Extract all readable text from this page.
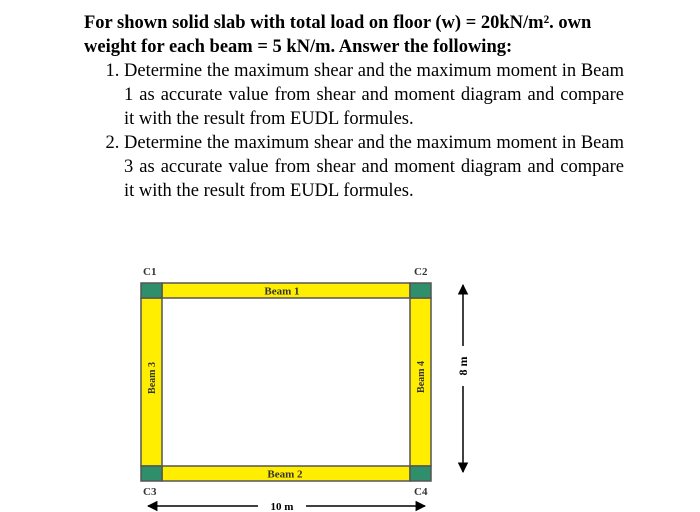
For shown solid slab with total load on floor (w) = 20kN/m². own weight for each beam = 5 kN/m. Answer the following:

1. Determine the maximum shear and the maximum moment in Beam 1 as accurate value from shear and moment diagram and compare it with the result from EUDL formules.
2. Determine the maximum shear and the maximum moment in Beam 3 as accurate value from shear and moment diagram and compare it with the result from EUDL formules.
C1	C2
C3	C4
Beam 1
Beam 2
Beam 3	Beam 4 8 m
10 m
